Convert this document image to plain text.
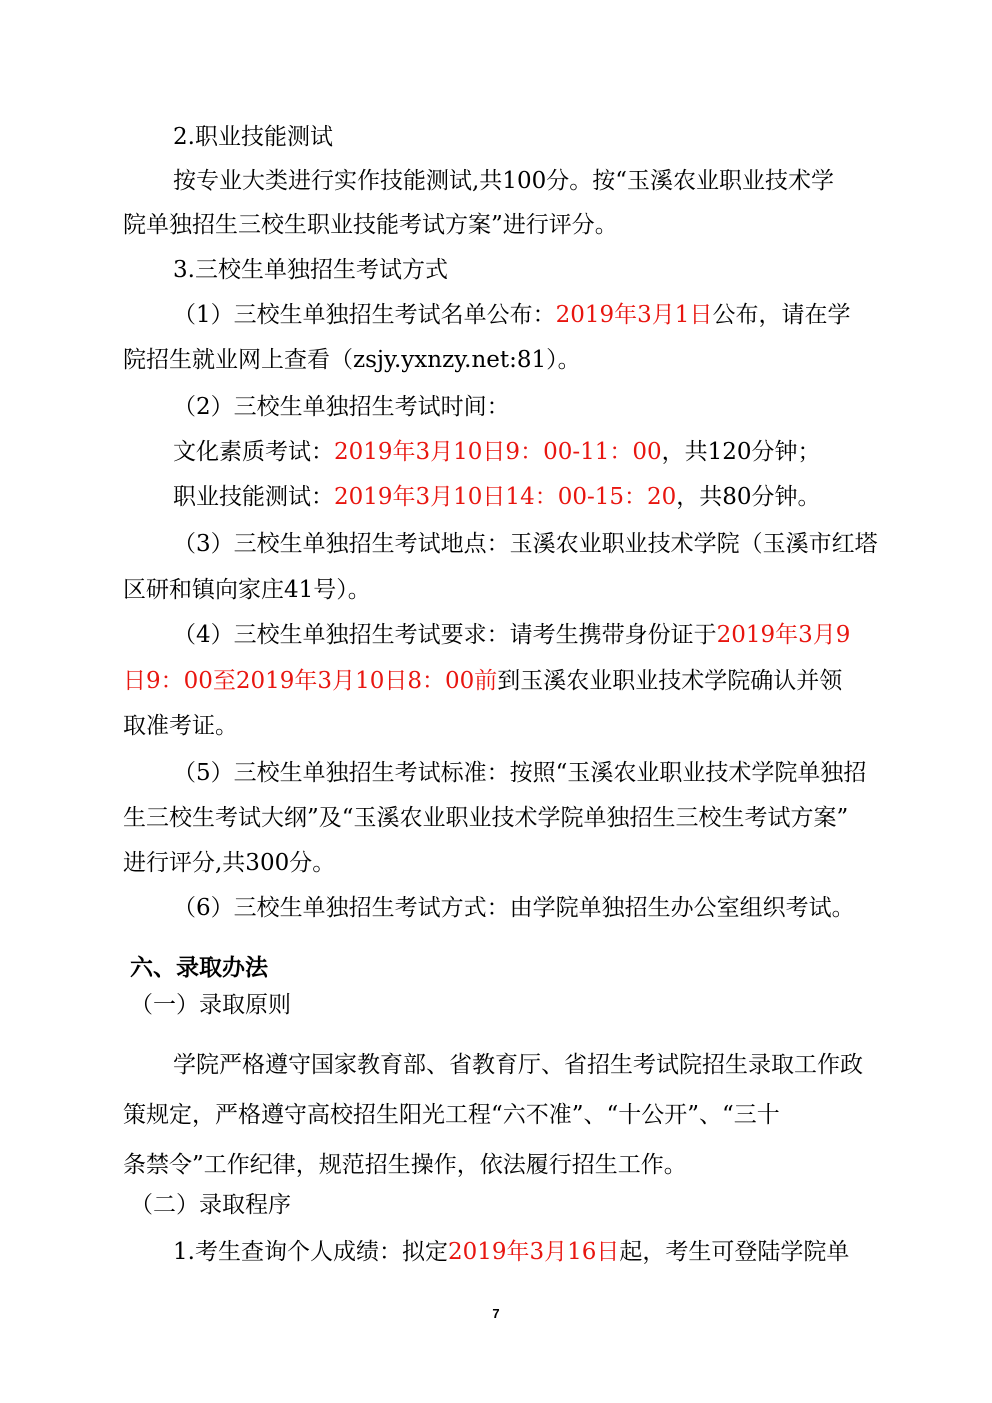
2.职业技能测试
按专业大类进行实作技能测试,共100分。按“玉溪农业职业技术学
院单独招生三校生职业技能考试方案”进行评分。
3.三校生单独招生考试方式
（1）三校生单独招生考试名单公布：2019年3月1日公布，请在学
院招生就业网上查看（zsjy.yxnzy.net:81）。
（2）三校生单独招生考试时间：
文化素质考试：2019年3月10日9：00-11：00，共120分钟；
职业技能测试：2019年3月10日14：00-15：20，共80分钟。
（3）三校生单独招生考试地点：玉溪农业职业技术学院（玉溪市红塔
区研和镇向家庄41号）。
（4）三校生单独招生考试要求：请考生携带身份证于2019年3月9
日9：00至2019年3月10日8：00前到玉溪农业职业技术学院确认并领
取准考证。
（5）三校生单独招生考试标准：按照“玉溪农业职业技术学院单独招
生三校生考试大纲”及“玉溪农业职业技术学院单独招生三校生考试方案”
进行评分,共300分。
（6）三校生单独招生考试方式：由学院单独招生办公室组织考试。
六、录取办法
（一）录取原则
学院严格遵守国家教育部、省教育厅、省招生考试院招生录取工作政
策规定，严格遵守高校招生阳光工程“六不准”、“十公开”、“三十
条禁令”工作纪律，规范招生操作，依法履行招生工作。
（二）录取程序
1.考生查询个人成绩：拟定2019年3月16日起，考生可登陆学院单
7
